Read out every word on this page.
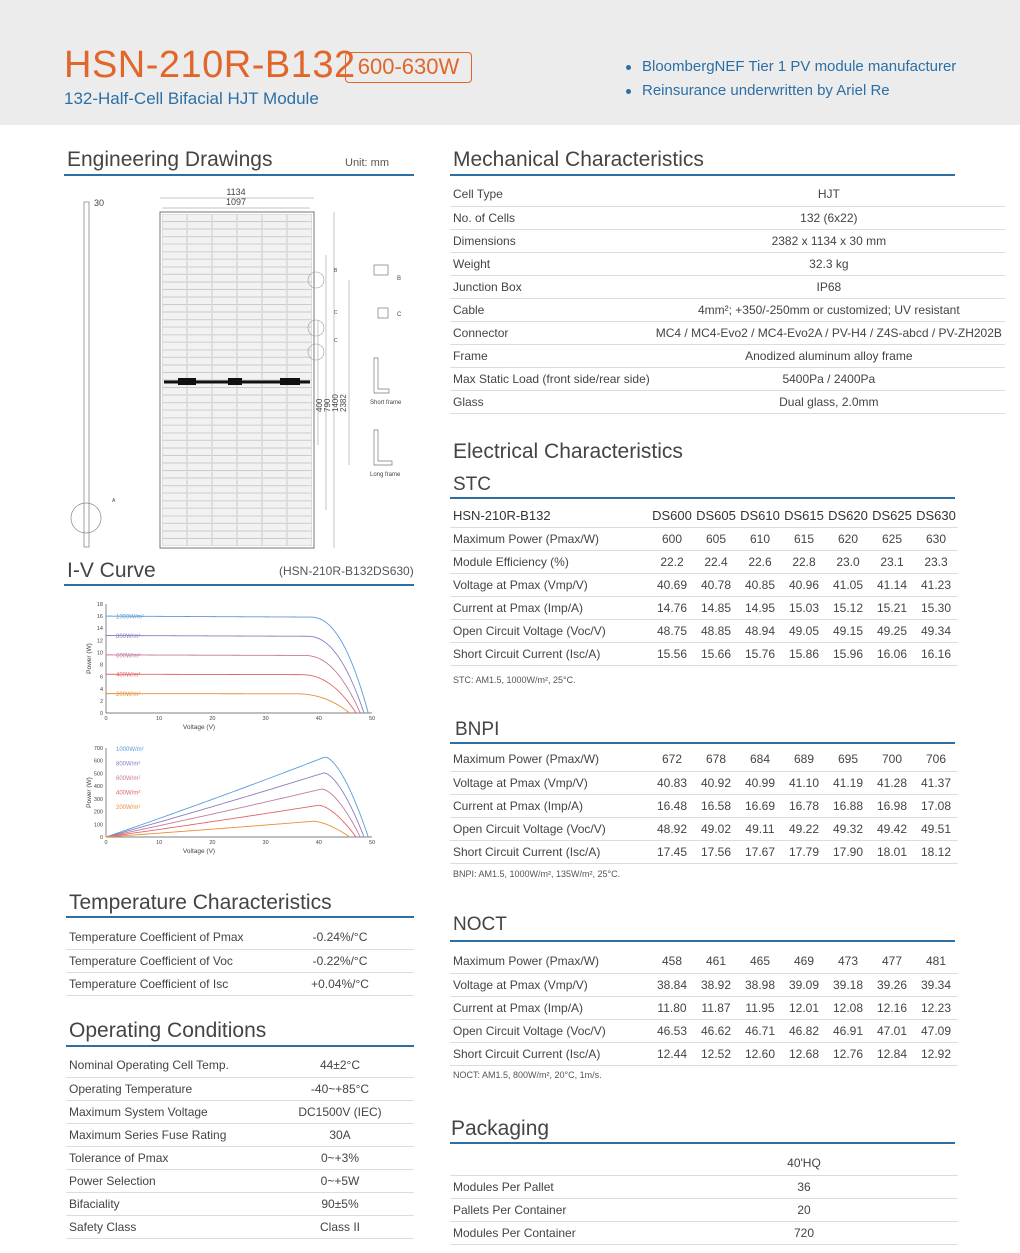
HSN-210R-B132 600-630W
132-Half-Cell Bifacial HJT Module
BloombergNEF Tier 1 PV module manufacturer
Reinsurance underwritten by Ariel Re
Engineering Drawings	Unit: mm
30
A
1134
1097
400 790 1400 2382
B
C
C
B
C
Short frame
Long frame
I-V Curve	(HSN-210R-B132DS630)
0	10	20	30	40	50
0
2
4
6
8
10
12
14
16
18
Voltage (V)
Power (W)
1000W/m²
800W/m²
600W/m²
400W/m²
200W/m²
0	10	20	30	40	50
0
100
200
300
400
500
600
700
Voltage (V)
Power (W)
1000W/m²
800W/m²
600W/m²
400W/m²
200W/m²
Temperature Characteristics
Temperature Coefficient of Pmax	-0.24%/°C
Temperature Coefficient of Voc	-0.22%/°C
Temperature Coefficient of Isc	+0.04%/°C
Operating Conditions
Nominal Operating Cell Temp.	44±2°C
Operating Temperature	-40~+85°C
Maximum System Voltage	DC1500V (IEC)
Maximum Series Fuse Rating	30A
Tolerance of Pmax	0~+3%
Power Selection	0~+5W
Bifaciality	90±5%
Safety Class	Class II
Mechanical Characteristics
Cell Type	HJT
No. of Cells	132 (6x22)
Dimensions	2382 x 1134 x 30 mm
Weight	32.3 kg
Junction Box	IP68
Cable	4mm²; +350/-250mm or customized; UV resistant
Connector	MC4 / MC4-Evo2 / MC4-Evo2A / PV-H4 / Z4S-abcd / PV-ZH202B
Frame	Anodized aluminum alloy frame
Max Static Load (front side/rear side)	5400Pa / 2400Pa
Glass	Dual glass, 2.0mm
Electrical Characteristics
STC
HSN-210R-B132	DS600	DS605	DS610	DS615	DS620	DS625	DS630
Maximum Power (Pmax/W)	600	605	610	615	620	625	630
Module Efficiency (%)	22.2	22.4	22.6	22.8	23.0	23.1	23.3
Voltage at Pmax (Vmp/V)	40.69	40.78	40.85	40.96	41.05	41.14	41.23
Current at Pmax (Imp/A)	14.76	14.85	14.95	15.03	15.12	15.21	15.30
Open Circuit Voltage (Voc/V)	48.75	48.85	48.94	49.05	49.15	49.25	49.34
Short Circuit Current (Isc/A)	15.56	15.66	15.76	15.86	15.96	16.06	16.16
STC: AM1.5, 1000W/m², 25°C.
BNPI
Maximum Power (Pmax/W)	672	678	684	689	695	700	706
Voltage at Pmax (Vmp/V)	40.83	40.92	40.99	41.10	41.19	41.28	41.37
Current at Pmax (Imp/A)	16.48	16.58	16.69	16.78	16.88	16.98	17.08
Open Circuit Voltage (Voc/V)	48.92	49.02	49.11	49.22	49.32	49.42	49.51
Short Circuit Current (Isc/A)	17.45	17.56	17.67	17.79	17.90	18.01	18.12
BNPI: AM1.5, 1000W/m², 135W/m², 25°C.
NOCT
Maximum Power (Pmax/W)	458	461	465	469	473	477	481
Voltage at Pmax (Vmp/V)	38.84	38.92	38.98	39.09	39.18	39.26	39.34
Current at Pmax (Imp/A)	11.80	11.87	11.95	12.01	12.08	12.16	12.23
Open Circuit Voltage (Voc/V)	46.53	46.62	46.71	46.82	46.91	47.01	47.09
Short Circuit Current (Isc/A)	12.44	12.52	12.60	12.68	12.76	12.84	12.92
NOCT: AM1.5, 800W/m², 20°C, 1m/s.
Packaging
	40'HQ
Modules Per Pallet	36
Pallets Per Container	20
Modules Per Container	720
